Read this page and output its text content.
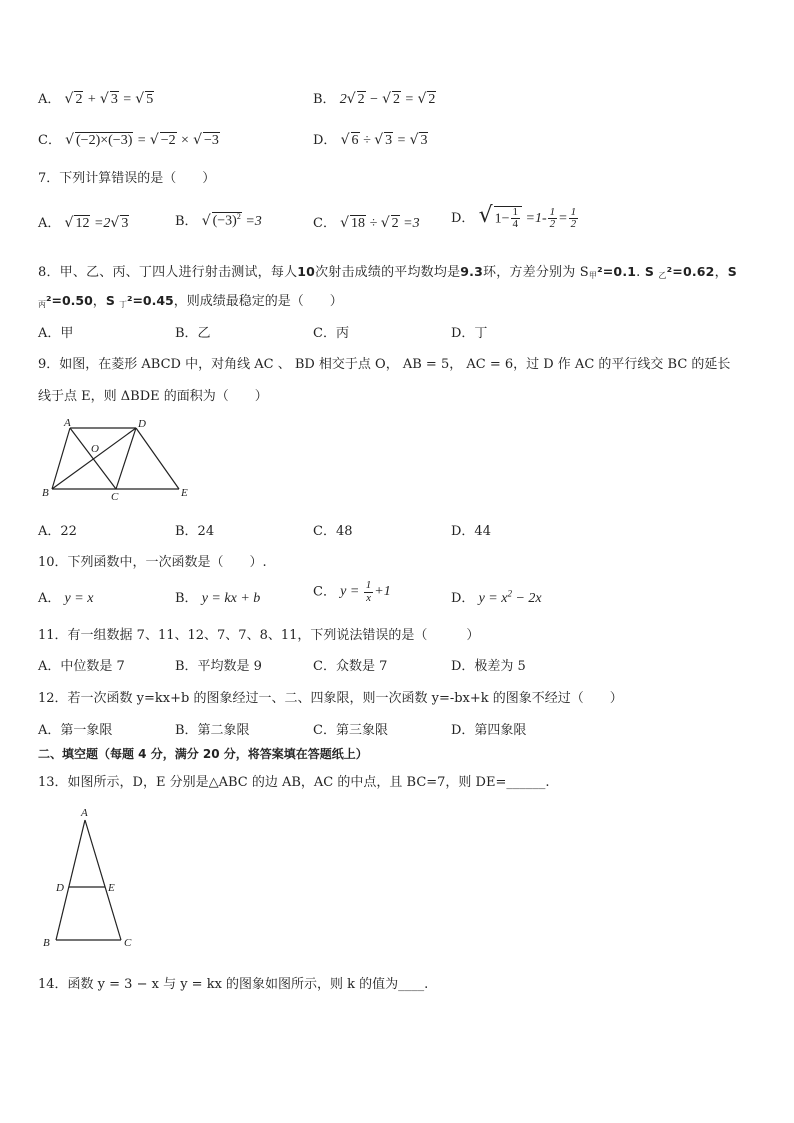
A． √ 2 + √ 3 = √ 5	B． 2√ 2 − √ 2 = √ 2
C． √ (−2)×(−3) = √ −2 × √ −3	D． √ 6 ÷ √ 3 = √ 3
7．下列计算错误的是（　　）
A． √ 12 =2√ 3	B． √ $(-3)^2 =3$	C． √ 18 ÷ √ 2 =3 D． √ $1- \frac{1}{4} =1- \frac{1}{2} = \frac{1}{2}$
8．甲、乙、丙、丁四人进行射击测试，每人10次射击成绩的平均数均是9.3环，方差分别为 $S_甲^2=0.1$. S $_乙$²=0.62，S
$_丙$²=0.50，S $_丁$²=0.45，则成绩最稳定的是（　　）
A．甲	B．乙	C．丙	D．丁
9．如图，在菱形 ABCD 中，对角线 AC 、 BD 相交于点 O， AB = 5， AC = 6，过 D 作 AC 的平行线交 BC 的延长
线于点 E，则 ΔBDE 的面积为（　　）
A	D
O
B	C	E
A．22	B．24	C．48	D．44
10．下列函数中，一次函数是（　　）.
A． y = x	B． y = kx + b	C． $y = \frac{1}{x} +1$	D． $y = x^2 - 2x$
11．有一组数据 7、11、12、7、7、8、11，下列说法错误的是（　　　）
A．中位数是 7	B．平均数是 9	C．众数是 7	D．极差为 5
12．若一次函数 y=kx+b 的图象经过一、二、四象限，则一次函数 y=-bx+k 的图象不经过（　　）
A．第一象限	B．第二象限	C．第三象限	D．第四象限
二、填空题（每题 4 分，满分 20 分，将答案填在答题纸上）
13．如图所示，D，E 分别是△ABC 的边 AB，AC 的中点，且 BC=7，则 DE=______.
A
D	E
B	C
14．函数 y = 3 − x 与 y = kx 的图象如图所示，则 k 的值为____.
